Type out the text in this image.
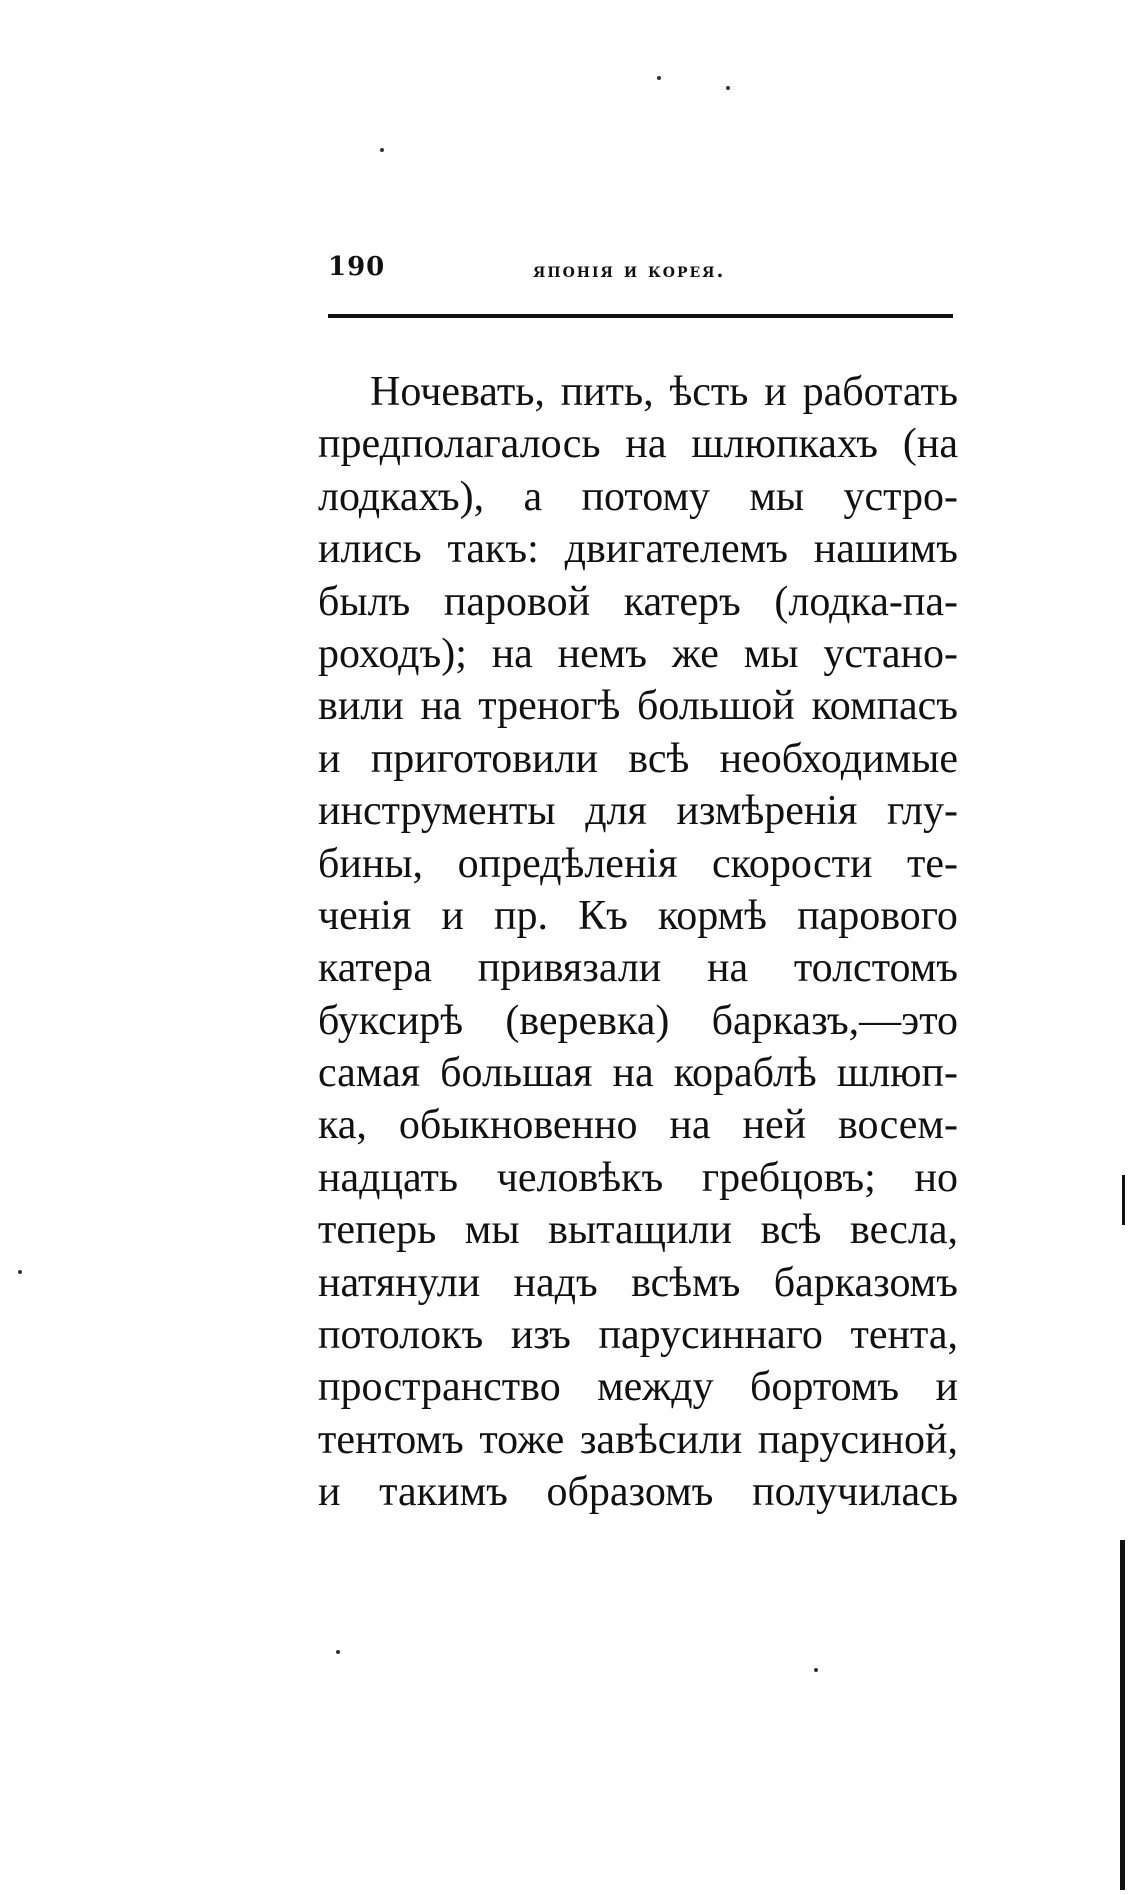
190	японія и корея.
Ночевать, пить, ѣсть и работать
предполагалось на шлюпкахъ (на
лодкахъ), а потому мы устро-
ились такъ: двигателемъ нашимъ
былъ паровой катеръ (лодка-па-
роходъ); на немъ же мы устано-
вили на треногѣ большой компасъ
и приготовили всѣ необходимые
инструменты для измѣренія глу-
бины, опредѣленія скорости те-
ченія и пр. Къ кормѣ парового
катера привязали на толстомъ
буксирѣ (веревка) барказъ,—это
самая большая на кораблѣ шлюп-
ка, обыкновенно на ней восем-
надцать человѣкъ гребцовъ; но
теперь мы вытащили всѣ весла,
натянули надъ всѣмъ барказомъ
потолокъ изъ парусиннаго тента,
пространство между бортомъ и
тентомъ тоже завѣсили парусиной,
и такимъ образомъ получилась
